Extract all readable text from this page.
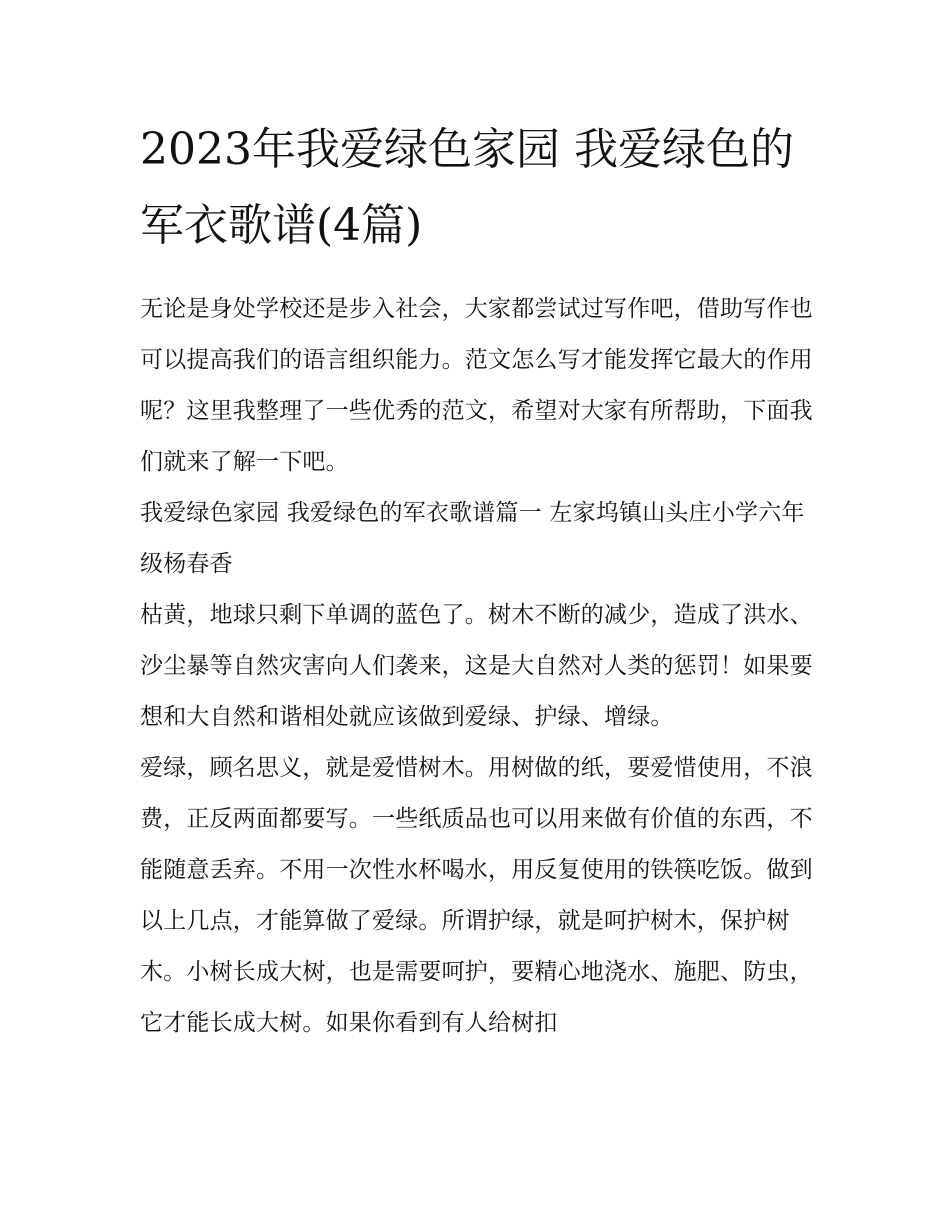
2023年我爱绿色家园 我爱绿色的军衣歌谱(4篇)

无论是身处学校还是步入社会，大家都尝试过写作吧，借助写作也可以提高我们的语言组织能力。范文怎么写才能发挥它最大的作用呢？这里我整理了一些优秀的范文，希望对大家有所帮助，下面我们就来了解一下吧。

我爱绿色家园 我爱绿色的军衣歌谱篇一 左家坞镇山头庄小学六年级杨春香

枯黄，地球只剩下单调的蓝色了。树木不断的减少，造成了洪水、沙尘暴等自然灾害向人们袭来，这是大自然对人类的惩罚！如果要想和大自然和谐相处就应该做到爱绿、护绿、增绿。

爱绿，顾名思义，就是爱惜树木。用树做的纸，要爱惜使用，不浪费，正反两面都要写。一些纸质品也可以用来做有价值的东西，不能随意丢弃。不用一次性水杯喝水，用反复使用的铁筷吃饭。做到以上几点，才能算做了爱绿。所谓护绿，就是呵护树木，保护树木。小树长成大树，也是需要呵护，要精心地浇水、施肥、防虫，它才能长成大树。如果你看到有人给树扣
